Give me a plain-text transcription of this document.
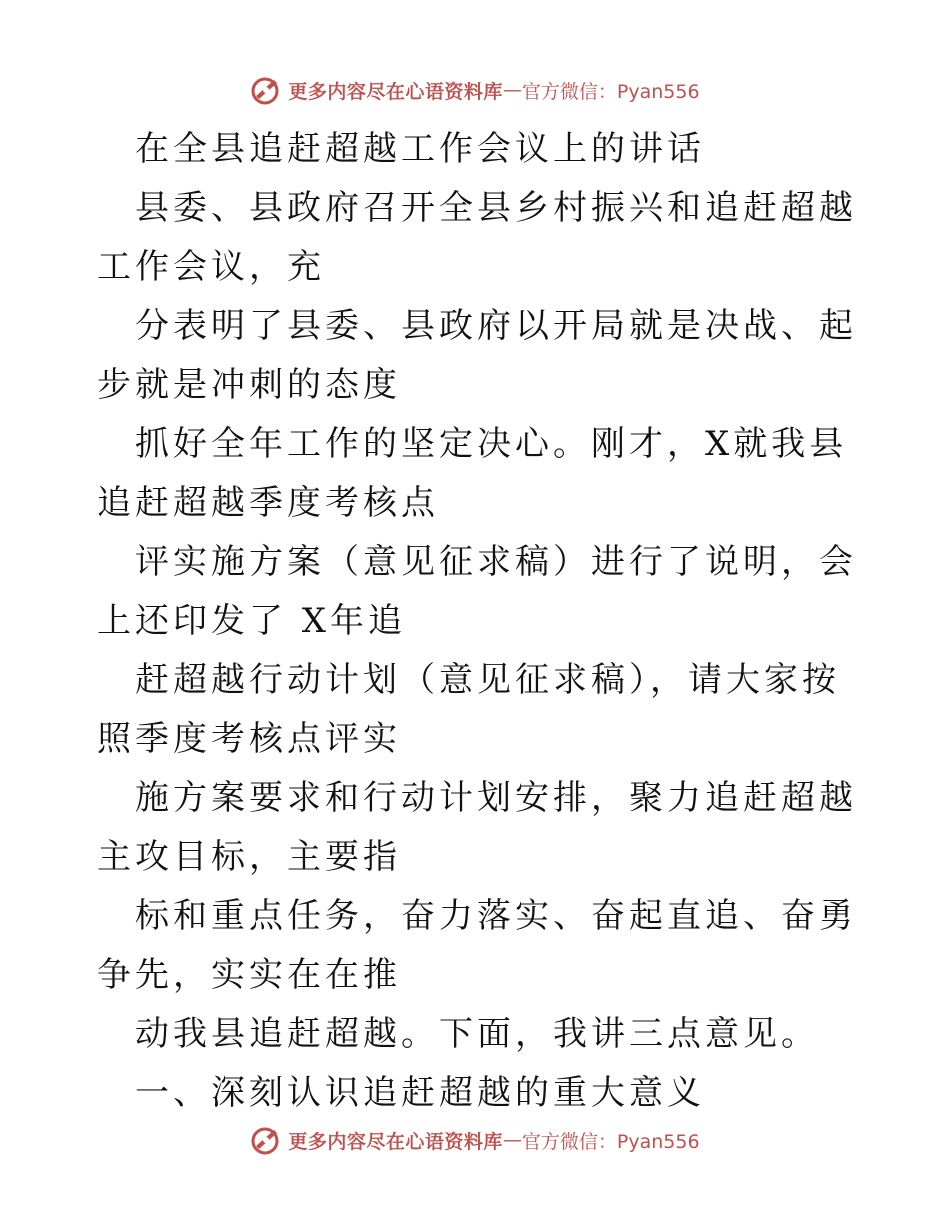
更多内容尽在心语资料库 — 官方微信：Pyan556

在全县追赶超越工作会议上的讲话

县委、县政府召开全县乡村振兴和追赶超越工作会议，充

分表明了县委、县政府以开局就是决战、起步就是冲刺的态度

抓好全年工作的坚定决心。刚才，X就我县追赶超越季度考核点

评实施方案（意见征求稿）进行了说明，会上还印发了 X年追

赶超越行动计划（意见征求稿），请大家按照季度考核点评实

施方案要求和行动计划安排，聚力追赶超越主攻目标，主要指

标和重点任务，奋力落实、奋起直追、奋勇争先，实实在在推

动我县追赶超越。下面，我讲三点意见。

一、深刻认识追赶超越的重大意义

更多内容尽在心语资料库 — 官方微信：Pyan556
